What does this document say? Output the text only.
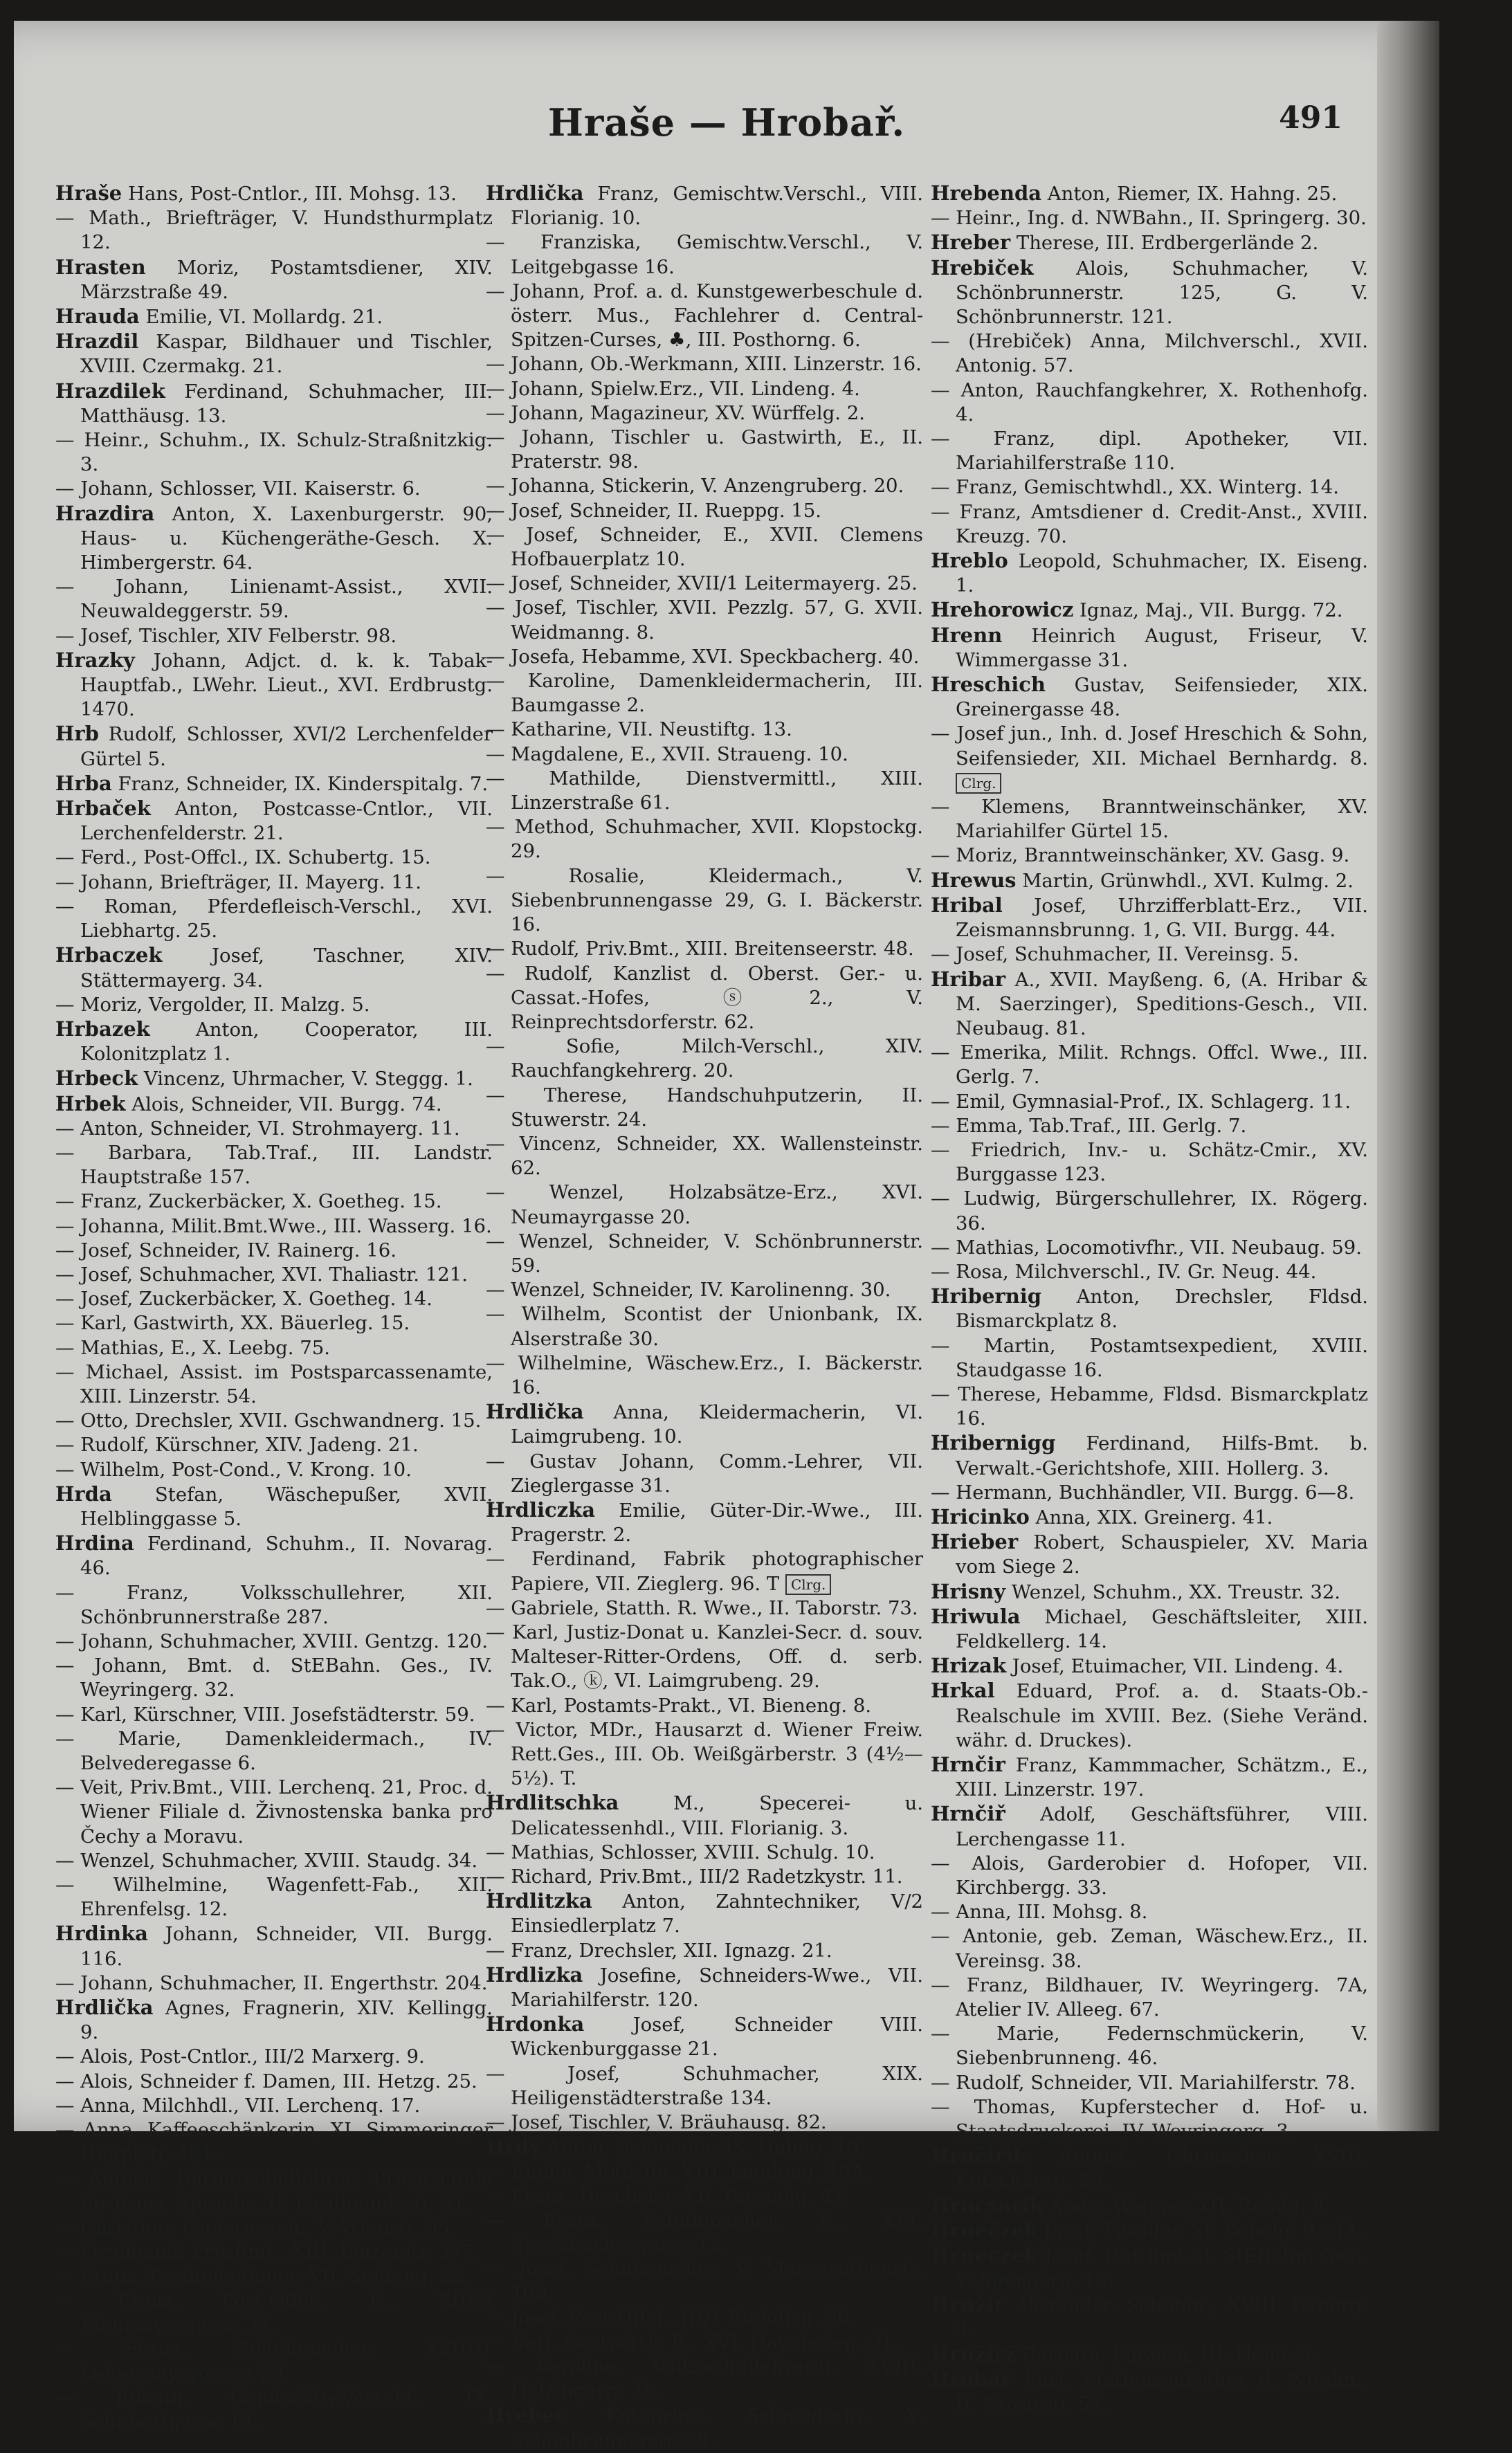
Hraše — Hrobař.	491
Hraše Hans, Post-Cntlor., III. Mohsg. 13.
— Math., Briefträger, V. Hundsthurmplatz 12.
Hrasten Moriz, Postamtsdiener, XIV. Märzstraße 49.
Hrauda Emilie, VI. Mollardg. 21.
Hrazdil Kaspar, Bildhauer und Tischler, XVIII. Czermakg. 21.
Hrazdilek Ferdinand, Schuhmacher, III. Matthäusg. 13.
— Heinr., Schuhm., IX. Schulz-Straßnitzkig. 3.
— Johann, Schlosser, VII. Kaiserstr. 6.
Hrazdira Anton, X. Laxenburgerstr. 90, Haus- u. Küchengeräthe-Gesch. X. Himbergerstr. 64.
— Johann, Linienamt-Assist., XVII. Neuwaldeggerstr. 59.
— Josef, Tischler, XIV Felberstr. 98.
Hrazky Johann, Adjct. d. k. k. Tabak-Hauptfab., LWehr. Lieut., XVI. Erdbrustg. 1470.
Hrb Rudolf, Schlosser, XVI/2 Lerchenfelder Gürtel 5.
Hrba Franz, Schneider, IX. Kinderspitalg. 7.
Hrbaček Anton, Postcasse-Cntlor., VII. Lerchenfelderstr. 21.
— Ferd., Post-Offcl., IX. Schubertg. 15.
— Johann, Briefträger, II. Mayerg. 11.
— Roman, Pferdefleisch-Verschl., XVI. Liebhartg. 25.
Hrbaczek Josef, Taschner, XIV. Stättermayerg. 34.
— Moriz, Vergolder, II. Malzg. 5.
Hrbazek Anton, Cooperator, III. Kolonitzplatz 1.
Hrbeck Vincenz, Uhrmacher, V. Steggg. 1.
Hrbek Alois, Schneider, VII. Burgg. 74.
— Anton, Schneider, VI. Strohmayerg. 11.
— Barbara, Tab.Traf., III. Landstr. Hauptstraße 157.
— Franz, Zuckerbäcker, X. Goetheg. 15.
— Johanna, Milit.Bmt.Wwe., III. Wasserg. 16.
— Josef, Schneider, IV. Rainerg. 16.
— Josef, Schuhmacher, XVI. Thaliastr. 121.
— Josef, Zuckerbäcker, X. Goetheg. 14.
— Karl, Gastwirth, XX. Bäuerleg. 15.
— Mathias, E., X. Leebg. 75.
— Michael, Assist. im Postsparcassenamte, XIII. Linzerstr. 54.
— Otto, Drechsler, XVII. Gschwandnerg. 15.
— Rudolf, Kürschner, XIV. Jadeng. 21.
— Wilhelm, Post-Cond., V. Krong. 10.
Hrda Stefan, Wäschepußer, XVII. Helblinggasse 5.
Hrdina Ferdinand, Schuhm., II. Novarag. 46.
— Franz, Volksschullehrer, XII. Schönbrunnerstraße 287.
— Johann, Schuhmacher, XVIII. Gentzg. 120.
— Johann, Bmt. d. StEBahn. Ges., IV. Weyringerg. 32.
— Karl, Kürschner, VIII. Josefstädterstr. 59.
— Marie, Damenkleidermach., IV. Belvederegasse 6.
— Veit, Priv.Bmt., VIII. Lerchenq. 21, Proc. d. Wiener Filiale d. Živnostenska banka pro Čechy a Moravu.
— Wenzel, Schuhmacher, XVIII. Staudg. 34.
— Wilhelmine, Wagenfett-Fab., XII. Ehrenfelsg. 12.
Hrdinka Johann, Schneider, VII. Burgg. 116.
— Johann, Schuhmacher, II. Engerthstr. 204.
Hrdlička Agnes, Fragnerin, XIV. Kellingg. 9.
— Alois, Post-Cntlor., III/2 Marxerg. 9.
— Alois, Schneider f. Damen, III. Hetzg. 25.
— Anna, Milchhdl., VII. Lerchenq. 17.
— Anna, Kaffeeschänkerin, XI. Simmeringer Hauptstr. 491.
— August, Bürgerschullehrer, Privatschule für franz. Sprache, II. Ferdinandsstr. 31.
— Christine, Papiergesch., V. Wienstr. 95.
— Ferdinand, Priv.Bmt., XIII. Linzerstr. 377.
— Franz, Postamtsdiener, VII. Seideng. 22.
— Franz, Post-Offcl., E., XIII/3 Kienmayergasse 32.
— Franz, Schuhmacher, XVIII/1 Leitermayergasse 28.
— Johann, Gemischtw.Verschl., IX. Schubertgasse 14.
Hrdlička Franz, Gemischtw.Verschl., VIII. Florianig. 10.
— Franziska, Gemischtw.Verschl., V. Leitgebgasse 16.
— Johann, Prof. a. d. Kunstgewerbeschule d. österr. Mus., Fachlehrer d. Central-Spitzen-Curses, ♣, III. Posthorng. 6.
— Johann, Ob.-Werkmann, XIII. Linzerstr. 16.
— Johann, Spielw.Erz., VII. Lindeng. 4.
— Johann, Magazineur, XV. Würffelg. 2.
— Johann, Tischler u. Gastwirth, E., II. Praterstr. 98.
— Johanna, Stickerin, V. Anzengruberg. 20.
— Josef, Schneider, II. Rueppg. 15.
— Josef, Schneider, E., XVII. Clemens Hofbauerplatz 10.
— Josef, Schneider, XVII/1 Leitermayerg. 25.
— Josef, Tischler, XVII. Pezzlg. 57, G. XVII. Weidmanng. 8.
— Josefa, Hebamme, XVI. Speckbacherg. 40.
— Karoline, Damenkleidermacherin, III. Baumgasse 2.
— Katharine, VII. Neustiftg. 13.
— Magdalene, E., XVII. Straueng. 10.
— Mathilde, Dienstvermittl., XIII. Linzerstraße 61.
— Method, Schuhmacher, XVII. Klopstockg. 29.
— Rosalie, Kleidermach., V. Siebenbrunnengasse 29, G. I. Bäckerstr. 16.
— Rudolf, Priv.Bmt., XIII. Breitenseerstr. 48.
— Rudolf, Kanzlist d. Oberst. Ger.- u. Cassat.-Hofes, ⓢ2., V. Reinprechtsdorferstr. 62.
— Sofie, Milch-Verschl., XIV. Rauchfangkehrerg. 20.
— Therese, Handschuhputzerin, II. Stuwerstr. 24.
— Vincenz, Schneider, XX. Wallensteinstr. 62.
— Wenzel, Holzabsätze-Erz., XVI. Neumayrgasse 20.
— Wenzel, Schneider, V. Schönbrunnerstr. 59.
— Wenzel, Schneider, IV. Karolinenng. 30.
— Wilhelm, Scontist der Unionbank, IX. Alserstraße 30.
— Wilhelmine, Wäschew.Erz., I. Bäckerstr. 16.
Hrdlička Anna, Kleidermacherin, VI. Laimgrubeng. 10.
— Gustav Johann, Comm.-Lehrer, VII. Zieglergasse 31.
Hrdliczka Emilie, Güter-Dir.-Wwe., III. Pragerstr. 2.
— Ferdinand, Fabrik photographischer Papiere, VII. Zieglerg. 96. T Clrg.
— Gabriele, Statth. R. Wwe., II. Taborstr. 73.
— Karl, Justiz-Donat u. Kanzlei-Secr. d. souv. Malteser-Ritter-Ordens, Off. d. serb. Tak.O., ⓚ, VI. Laimgrubeng. 29.
— Karl, Postamts-Prakt., VI. Bieneng. 8.
— Victor, MDr., Hausarzt d. Wiener Freiw. Rett.Ges., III. Ob. Weißgärberstr. 3 (4½—5½). T.
Hrdlitschka M., Specerei- u. Delicatessenhdl., VIII. Florianig. 3.
— Mathias, Schlosser, XVIII. Schulg. 10.
— Richard, Priv.Bmt., III/2 Radetzkystr. 11.
Hrdlitzka Anton, Zahntechniker, V/2 Einsiedlerplatz 7.
— Franz, Drechsler, XII. Ignazg. 21.
Hrdlizka Josefine, Schneiders-Wwe., VII. Mariahilferstr. 120.
Hrdonka Josef, Schneider VIII. Wickenburggasse 21.
— Josef, Schuhmacher, XIX. Heiligenstädterstraße 134.
— Josef, Tischler, V. Bräuhausg. 82.
Hrdy Anton, Schneider, IX. Hahng. 19.
— Emilie, Modistin, VIII. Laudong. 49A.
— Franz, Drechsler, XII. Rosenhg. 47.
— Franz, Schuhmacher, E., XVI. Speckbachergasse 12.
— Josef, Schuhmacher, V. Margarethenstr. 108.
— Josef, Post-Offcl., III/1 Rudolfsg. 36.
— Karl, Gastwirth, E., XVI. Haymerleg. 31.
— Karoline, Volksschullehrerin, XVIII. Haizingerg. 31.
Hrebec Katharine, Schneiderin, V. Schönbrunnerstr. 29.
Hrebenda Anton, Riemer, IX. Hahng. 25.
— Heinr., Ing. d. NWBahn., II. Springerg. 30.
Hreber Therese, III. Erdbergerlände 2.
Hrebiček Alois, Schuhmacher, V. Schönbrunnerstr. 125, G. V. Schönbrunnerstr. 121.
— (Hrebiček) Anna, Milchverschl., XVII. Antonig. 57.
— Anton, Rauchfangkehrer, X. Rothenhofg. 4.
— Franz, dipl. Apotheker, VII. Mariahilferstraße 110.
— Franz, Gemischtwhdl., XX. Winterg. 14.
— Franz, Amtsdiener d. Credit-Anst., XVIII. Kreuzg. 70.
Hreblo Leopold, Schuhmacher, IX. Eiseng. 1.
Hrehorowicz Ignaz, Maj., VII. Burgg. 72.
Hrenn Heinrich August, Friseur, V. Wimmergasse 31.
Hreschich Gustav, Seifensieder, XIX. Greinergasse 48.
— Josef jun., Inh. d. Josef Hreschich & Sohn, Seifensieder, XII. Michael Bernhardg. 8. Clrg.
— Klemens, Branntweinschänker, XV. Mariahilfer Gürtel 15.
— Moriz, Branntweinschänker, XV. Gasg. 9.
Hrewus Martin, Grünwhdl., XVI. Kulmg. 2.
Hribal Josef, Uhrzifferblatt-Erz., VII. Zeismannsbrunng. 1, G. VII. Burgg. 44.
— Josef, Schuhmacher, II. Vereinsg. 5.
Hribar A., XVII. Mayßeng. 6, (A. Hribar & M. Saerzinger), Speditions-Gesch., VII. Neubaug. 81.
— Emerika, Milit. Rchngs. Offcl. Wwe., III. Gerlg. 7.
— Emil, Gymnasial-Prof., IX. Schlagerg. 11.
— Emma, Tab.Traf., III. Gerlg. 7.
— Friedrich, Inv.- u. Schätz-Cmir., XV. Burggasse 123.
— Ludwig, Bürgerschullehrer, IX. Rögerg. 36.
— Mathias, Locomotivfhr., VII. Neubaug. 59.
— Rosa, Milchverschl., IV. Gr. Neug. 44.
Hribernig Anton, Drechsler, Fldsd. Bismarckplatz 8.
— Martin, Postamtsexpedient, XVIII. Staudgasse 16.
— Therese, Hebamme, Fldsd. Bismarckplatz 16.
Hribernigg Ferdinand, Hilfs-Bmt. b. Verwalt.-Gerichtshofe, XIII. Hollerg. 3.
— Hermann, Buchhändler, VII. Burgg. 6—8.
Hricinko Anna, XIX. Greinerg. 41.
Hrieber Robert, Schauspieler, XV. Maria vom Siege 2.
Hrisny Wenzel, Schuhm., XX. Treustr. 32.
Hriwula Michael, Geschäftsleiter, XIII. Feldkellerg. 14.
Hrizak Josef, Etuimacher, VII. Lindeng. 4.
Hrkal Eduard, Prof. a. d. Staats-Ob.-Realschule im XVIII. Bez. (Siehe Veränd. währ. d. Druckes).
Hrnčir Franz, Kammmacher, Schätzm., E., XIII. Linzerstr. 197.
Hrnčiř Adolf, Geschäftsführer, VIII. Lerchengasse 11.
— Alois, Garderobier d. Hofoper, VII. Kirchbergg. 33.
— Anna, III. Mohsg. 8.
— Antonie, geb. Zeman, Wäschew.Erz., II. Vereinsg. 38.
— Franz, Bildhauer, IV. Weyringerg. 7A, Atelier IV. Alleeg. 67.
— Marie, Federnschmückerin, V. Siebenbrunneng. 46.
— Rudolf, Schneider, VII. Mariahilferstr. 78.
— Thomas, Kupferstecher d. Hof- u. Staatsdruckerei, IV. Weyringerg. 3.
Hrnčirik August, Uhrmacher, XVIII. Kutschkerg. 29.
Hrncsarik Andr., Wagner, XII. Reinlg. 8.
Hrnečzek Josef, Tischler, XI. Kobelg. 9—11.
Hrneczek Josef, Unt.Bmt. d. StEBahn. Ges., V. Spengerg. 16.
Hrnžir Alexander, Schuhm., XVIII. Exnerg. 3.
Hrnžirž Barbara, Pußerin, III. Heug. 3.
Hrobař Karl, Stationsaufseher d. NBahn., II. Novarag. 53.
